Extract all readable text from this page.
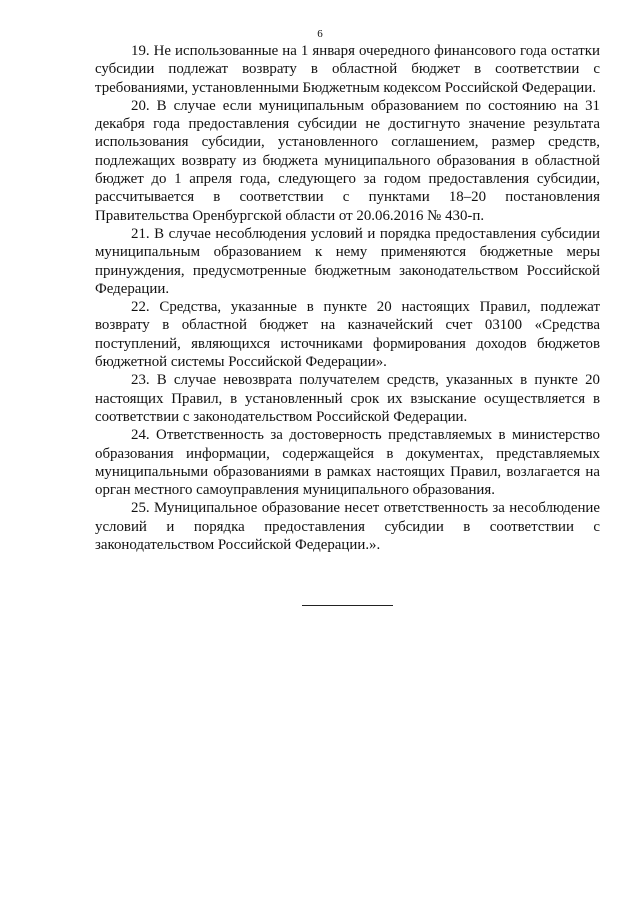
6

19. Не использованные на 1 января очередного финансового года остатки субсидии подлежат возврату в областной бюджет в соответствии с требованиями, установленными Бюджетным кодексом Российской Федерации.

20. В случае если муниципальным образованием по состоянию на 31 декабря года предоставления субсидии не достигнуто значение результата использования субсидии, установленного соглашением, размер средств, подлежащих возврату из бюджета муниципального образования в областной бюджет до 1 апреля года, следующего за годом предоставления субсидии, рассчитывается в соответствии с пунктами 18–20 постановления Правительства Оренбургской области от 20.06.2016 № 430-п.

21. В случае несоблюдения условий и порядка предоставления субсидии муниципальным образованием к нему применяются бюджетные меры принуждения, предусмотренные бюджетным законодательством Российской Федерации.

22. Средства, указанные в пункте 20 настоящих Правил, подлежат возврату в областной бюджет на казначейский счет 03100 «Средства поступлений, являющихся источниками формирования доходов бюджетов бюджетной системы Российской Федерации».

23. В случае невозврата получателем средств, указанных в пункте 20 настоящих Правил, в установленный срок их взыскание осуществляется в соответствии с законодательством Российской Федерации.

24. Ответственность за достоверность представляемых в министерство образования информации, содержащейся в документах, представляемых муниципальными образованиями в рамках настоящих Правил, возлагается на орган местного самоуправления муниципального образования.

25. Муниципальное образование несет ответственность за несоблюдение условий и порядка предоставления субсидии в соответствии с законодательством Российской Федерации.».
